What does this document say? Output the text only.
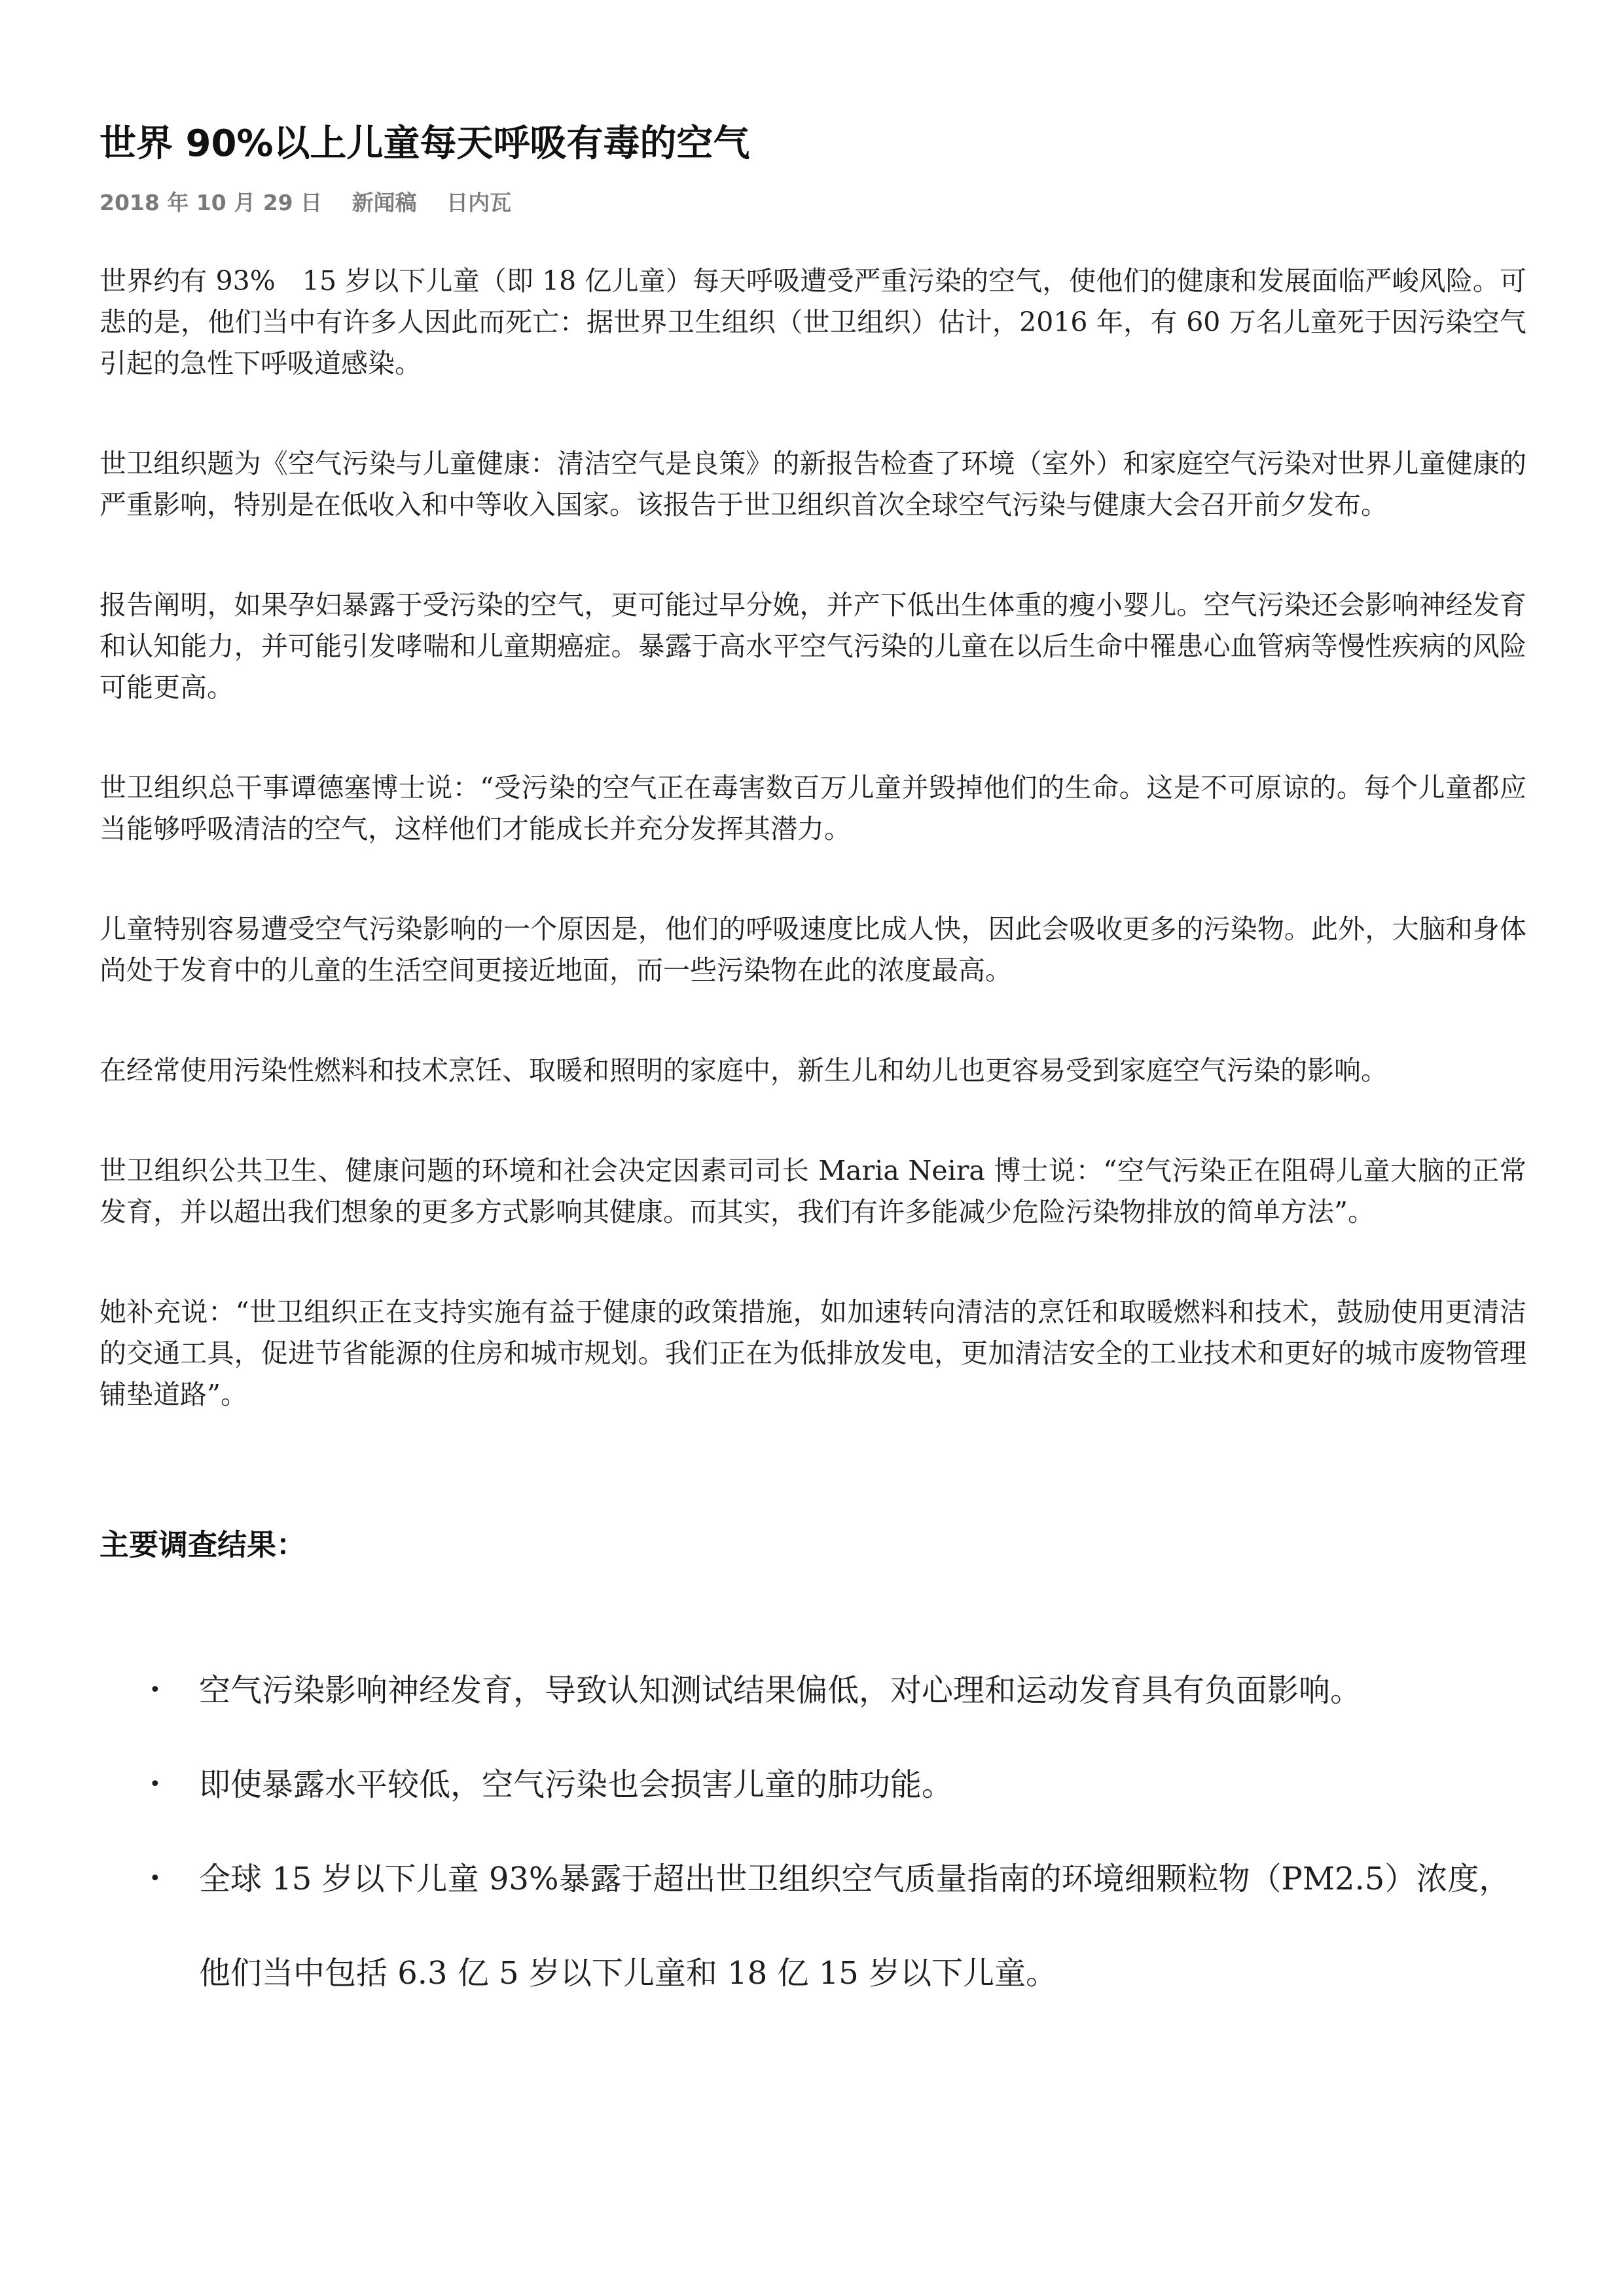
世界 90%以上儿童每天呼吸有毒的空气
2018 年 10 月 29 日 新闻稿 日内瓦

世界约有 93%　15 岁以下儿童（即 18 亿儿童）每天呼吸遭受严重污染的空气，使他们的健康和发展面临严峻风险。可悲的是，他们当中有许多人因此而死亡：据世界卫生组织（世卫组织）估计，2016 年，有 60 万名儿童死于因污染空气引起的急性下呼吸道感染。

世卫组织题为《空气污染与儿童健康：清洁空气是良策》的新报告检查了环境（室外）和家庭空气污染对世界儿童健康的严重影响，特别是在低收入和中等收入国家。该报告于世卫组织首次全球空气污染与健康大会召开前夕发布。

报告阐明，如果孕妇暴露于受污染的空气，更可能过早分娩，并产下低出生体重的瘦小婴儿。空气污染还会影响神经发育和认知能力，并可能引发哮喘和儿童期癌症。暴露于高水平空气污染的儿童在以后生命中罹患心血管病等慢性疾病的风险可能更高。

世卫组织总干事谭德塞博士说：“受污染的空气正在毒害数百万儿童并毁掉他们的生命。这是不可原谅的。每个儿童都应当能够呼吸清洁的空气，这样他们才能成长并充分发挥其潜力。

儿童特别容易遭受空气污染影响的一个原因是，他们的呼吸速度比成人快，因此会吸收更多的污染物。此外，大脑和身体尚处于发育中的儿童的生活空间更接近地面，而一些污染物在此的浓度最高。

在经常使用污染性燃料和技术烹饪、取暖和照明的家庭中，新生儿和幼儿也更容易受到家庭空气污染的影响。

世卫组织公共卫生、健康问题的环境和社会决定因素司司长 Maria Neira 博士说：“空气污染正在阻碍儿童大脑的正常发育，并以超出我们想象的更多方式影响其健康。而其实，我们有许多能减少危险污染物排放的简单方法”。

她补充说：“世卫组织正在支持实施有益于健康的政策措施，如加速转向清洁的烹饪和取暖燃料和技术，鼓励使用更清洁的交通工具，促进节省能源的住房和城市规划。我们正在为低排放发电，更加清洁安全的工业技术和更好的城市废物管理铺垫道路”。

主要调查结果：
• 空气污染影响神经发育，导致认知测试结果偏低，对心理和运动发育具有负面影响。
• 即使暴露水平较低，空气污染也会损害儿童的肺功能。
• 全球 15 岁以下儿童 93%暴露于超出世卫组织空气质量指南的环境细颗粒物（PM2.5）浓度，他们当中包括 6.3 亿 5 岁以下儿童和 18 亿 15 岁以下儿童。
